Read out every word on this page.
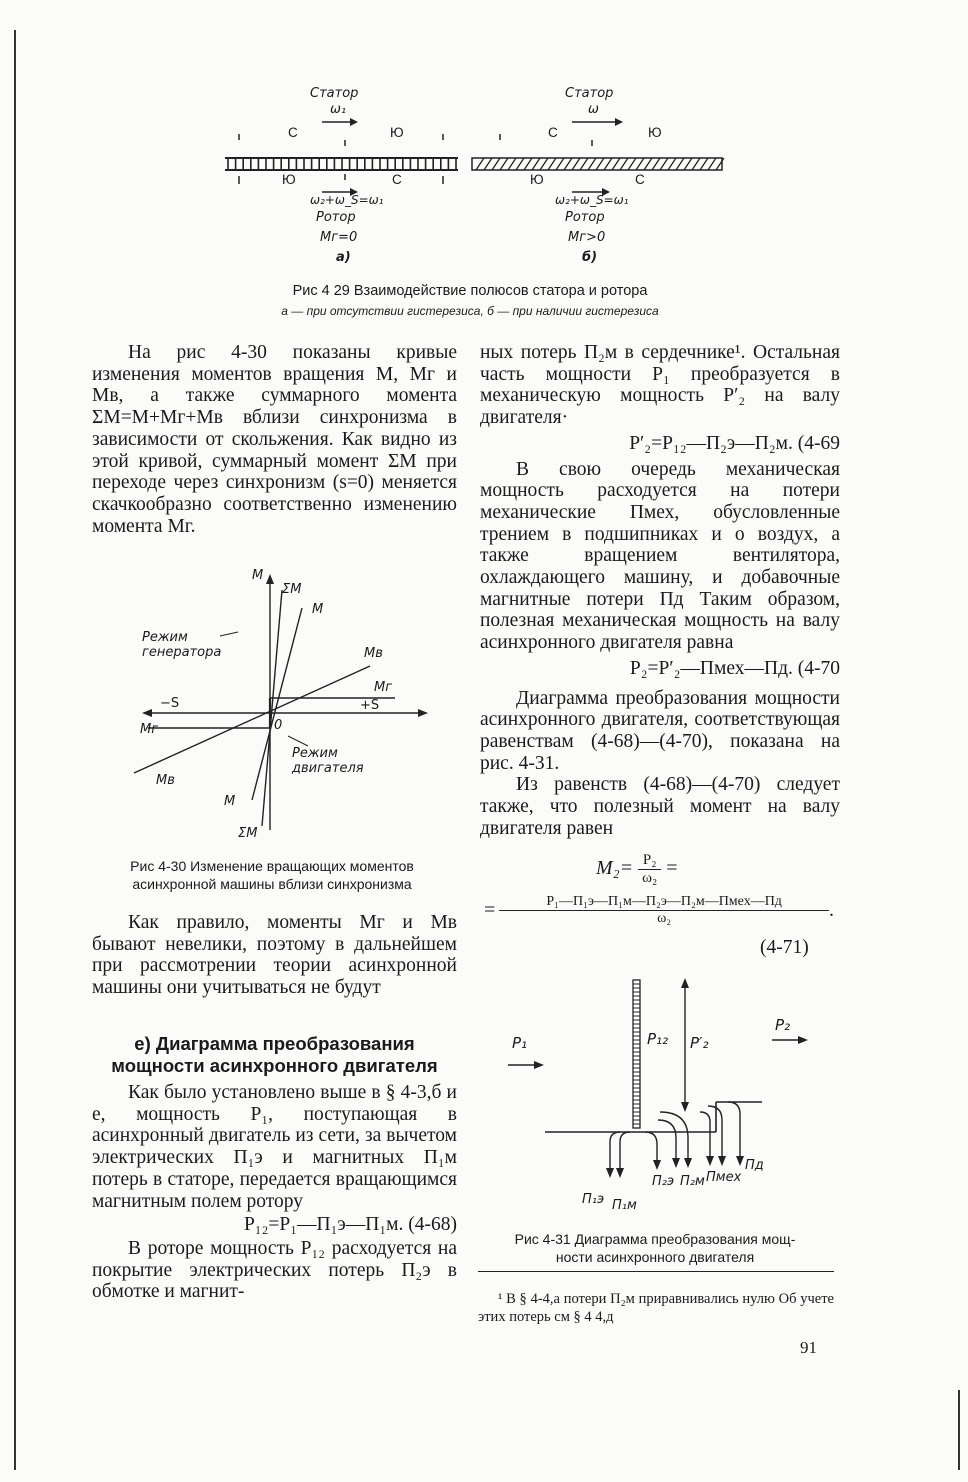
Статор
ω₁
С	Ю
Ю	С
ω₂+ω_S=ω₁
Ротор
Mг=0
а)
Статор
ω
С	Ю
Ю	С
ω₂+ω_S=ω₁
Ротор
Mг>0
б)
Рис 4 29 Взаимодействие полюсов статора и ротора
а — при отсутствии гистерезиса, б — при наличии гистерезиса

На рис 4-30 показаны кривые изменения моментов вращения M, Mг и Mв, а также суммарного момента ΣM=M+Mг+Mв вблизи синхронизма в зависимости от скольжения. Как видно из этой кривой, суммарный момент ΣM при переходе через синхронизм (s=0) меняется скачкообразно соответственно изменению момента Mг.

M
ΣM
M
Mв
Mг
Режим
генератора
−S	+S
0
Mг
Режим
двигателя
Mв
M
ΣM
Рис 4-30 Изменение вращающих моментов
асинхронной машины вблизи синхронизма

Как правило, моменты Mг и Mв бывают невелики, поэтому в дальнейшем при рассмотрении теории асинхронной машины они учитываться не будут

е) Диаграмма преобразования мощности асинхронного двигателя

Как было установлено выше в § 4-3,б и е, мощность P₁, поступающая в асинхронный двигатель из сети, за вычетом электрических П₁э и магнитных П₁м потерь в статоре, передается вращающимся магнитным полем ротору

P₁₂=P₁—П₁э—П₁м. (4-68)

В роторе мощность P₁₂ расходуется на покрытие электрических потерь П₂э в обмотке и магнит-

ных потерь П₂м в сердечнике¹. Остальная часть мощности P₁ преобразуется в механическую мощность P′₂ на валу двигателя·

P′₂=P₁₂—П₂э—П₂м. (4-69

В свою очередь механическая мощность расходуется на потери механические Пмех, обусловленные трением в подшипниках и о воздух, а также вращением вентилятора, охлаждающего машину, и добавочные магнитные потери Пд Таким образом, полезная механическая мощность на валу асинхронного двигателя равна

P₂=P′₂—Пмех—Пд. (4-70

Диаграмма преобразования мощности асинхронного двигателя, соответствующая равенствам (4-68)—(4-70), показана на рис. 4-31.

Из равенств (4-68)—(4-70) следует также, что полезный момент на валу двигателя равен

$M_2= \frac{\text{P₂}}{\text{ω₂}}$ =
= $\frac{\text{P₁—П₁э—П₁м—П₂э—П₂м—Пмех—Пд}}{\text{ω₂}}$ .
(4-71)
P₁	P₁₂ P′₂
P₂
П₁э П₁м
П₂э П₂м Пмех
Пд
Рис 4-31 Диаграмма преобразования мощ-
ности асинхронного двигателя
¹ В § 4-4,а потери П₂м приравнивались нулю Об учете этих потерь см § 4 4,д
91
